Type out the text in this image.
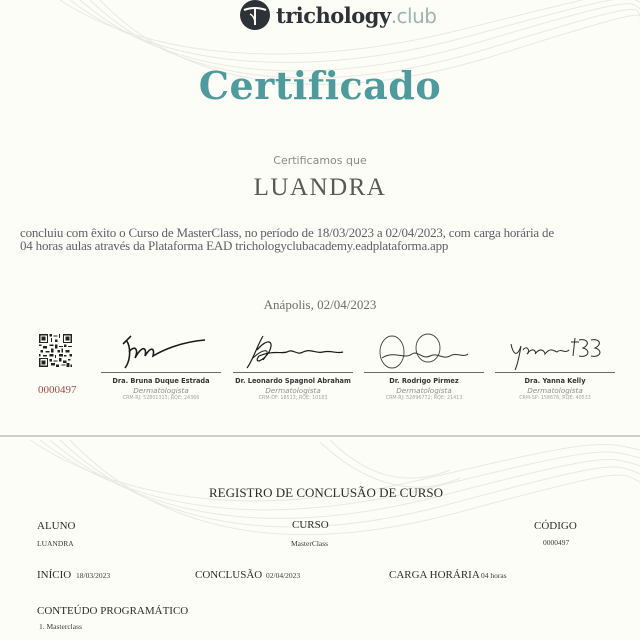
trichology.club
Certificado
Certificamos que
LUANDRA
concluiu com êxito o Curso de MasterClass, no período de 18/03/2023 a 02/04/2023, com carga horária de
04 horas aulas através da Plataforma EAD trichologyclubacademy.eadplataforma.app
Anápolis, 02/04/2023
0000497
Dra. Bruna Duque Estrada
Dermatologista
CRM-RJ: 52801313; RQE: 24366
Dr. Leonardo Spagnol Abraham
Dermatologista
CRM-DF: 18513; RQE: 10183
Dr. Rodrigo Pirmez
Dermatologista
CRM-RJ: 52896772; RQE: 21413
Dra. Yanna Kelly
Dermatologista
CRM-SP: 158676; RQE: 40533
REGISTRO DE CONCLUSÃO DE CURSO
ALUNO
LUANDRA
CURSO
MasterClass
CÓDIGO
0000497
INÍCIO 18/03/2023	CONCLUSÃO 02/04/2023	CARGA HORÁRIA 04 horas
CONTEÚDO PROGRAMÁTICO
1. Masterclass
